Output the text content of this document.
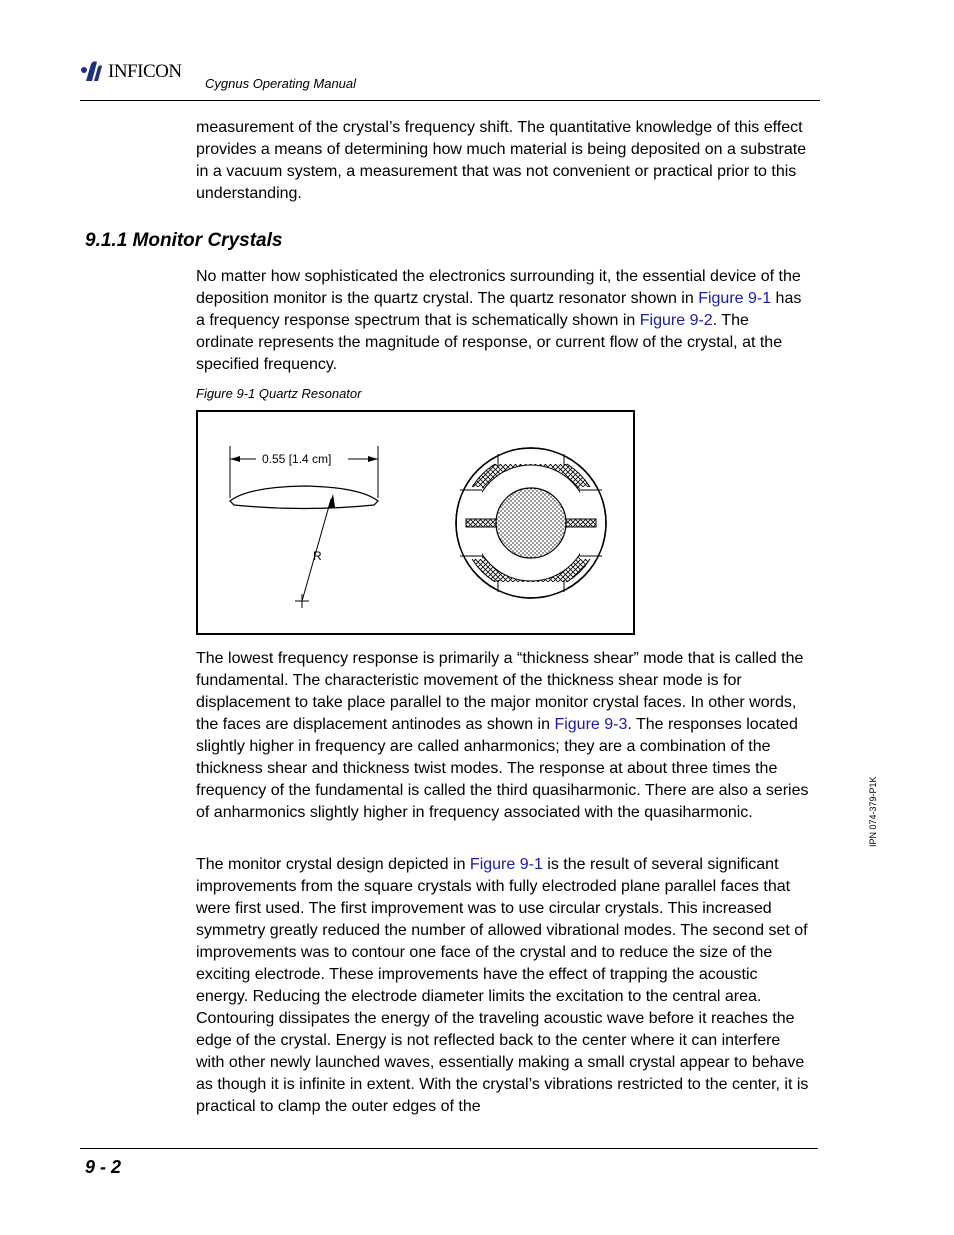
INFICON
Cygnus Operating Manual

measurement of the crystal’s frequency shift. The quantitative knowledge of this effect provides a means of determining how much material is being deposited on a substrate in a vacuum system, a measurement that was not convenient or practical prior to this understanding.

9.1.1 Monitor Crystals

No matter how sophisticated the electronics surrounding it, the essential device of the deposition monitor is the quartz crystal. The quartz resonator shown in Figure 9-1 has a frequency response spectrum that is schematically shown in Figure 9-2. The ordinate represents the magnitude of response, or current flow of the crystal, at the specified frequency.

Figure 9-1 Quartz Resonator
0.55 [1.4 cm]
R

The lowest frequency response is primarily a “thickness shear” mode that is called the fundamental. The characteristic movement of the thickness shear mode is for displacement to take place parallel to the major monitor crystal faces. In other words, the faces are displacement antinodes as shown in Figure 9-3. The responses located slightly higher in frequency are called anharmonics; they are a combination of the thickness shear and thickness twist modes. The response at about three times the frequency of the fundamental is called the third quasiharmonic. There are also a series of anharmonics slightly higher in frequency associated with the quasiharmonic.

The monitor crystal design depicted in Figure 9-1 is the result of several significant improvements from the square crystals with fully electroded plane parallel faces that were first used. The first improvement was to use circular crystals. This increased symmetry greatly reduced the number of allowed vibrational modes. The second set of improvements was to contour one face of the crystal and to reduce the size of the exciting electrode. These improvements have the effect of trapping the acoustic energy. Reducing the electrode diameter limits the excitation to the central area. Contouring dissipates the energy of the traveling acoustic wave before it reaches the edge of the crystal. Energy is not reflected back to the center where it can interfere with other newly launched waves, essentially making a small crystal appear to behave as though it is infinite in extent. With the crystal’s vibrations restricted to the center, it is practical to clamp the outer edges of the

IPN 074-379-P1K
9 - 2
